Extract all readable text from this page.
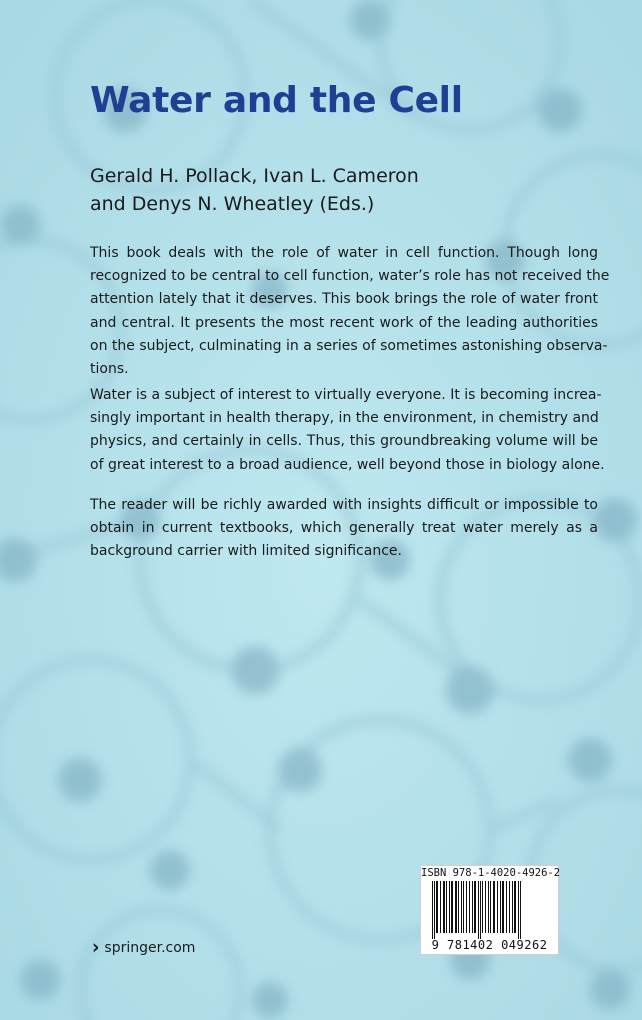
Water and the Cell

Gerald H. Pollack, Ivan L. Cameron
and Denys N. Wheatley (Eds.)

This book deals with the role of water in cell function. Though long
recognized to be central to cell function, water’s role has not received the
attention lately that it deserves. This book brings the role of water front
and central. It presents the most recent work of the leading authorities
on the subject, culminating in a series of sometimes astonishing observa-
tions.

Water is a subject of interest to virtually everyone. It is becoming increa-
singly important in health therapy, in the environment, in chemistry and
physics, and certainly in cells. Thus, this groundbreaking volume will be
of great interest to a broad audience, well beyond those in biology alone.

The reader will be richly awarded with insights difficult or impossible to
obtain in current textbooks, which generally treat water merely as a
background carrier with limited significance.

› springer.com
ISBN 978-1-4020-4926-2
9 781402 049262
